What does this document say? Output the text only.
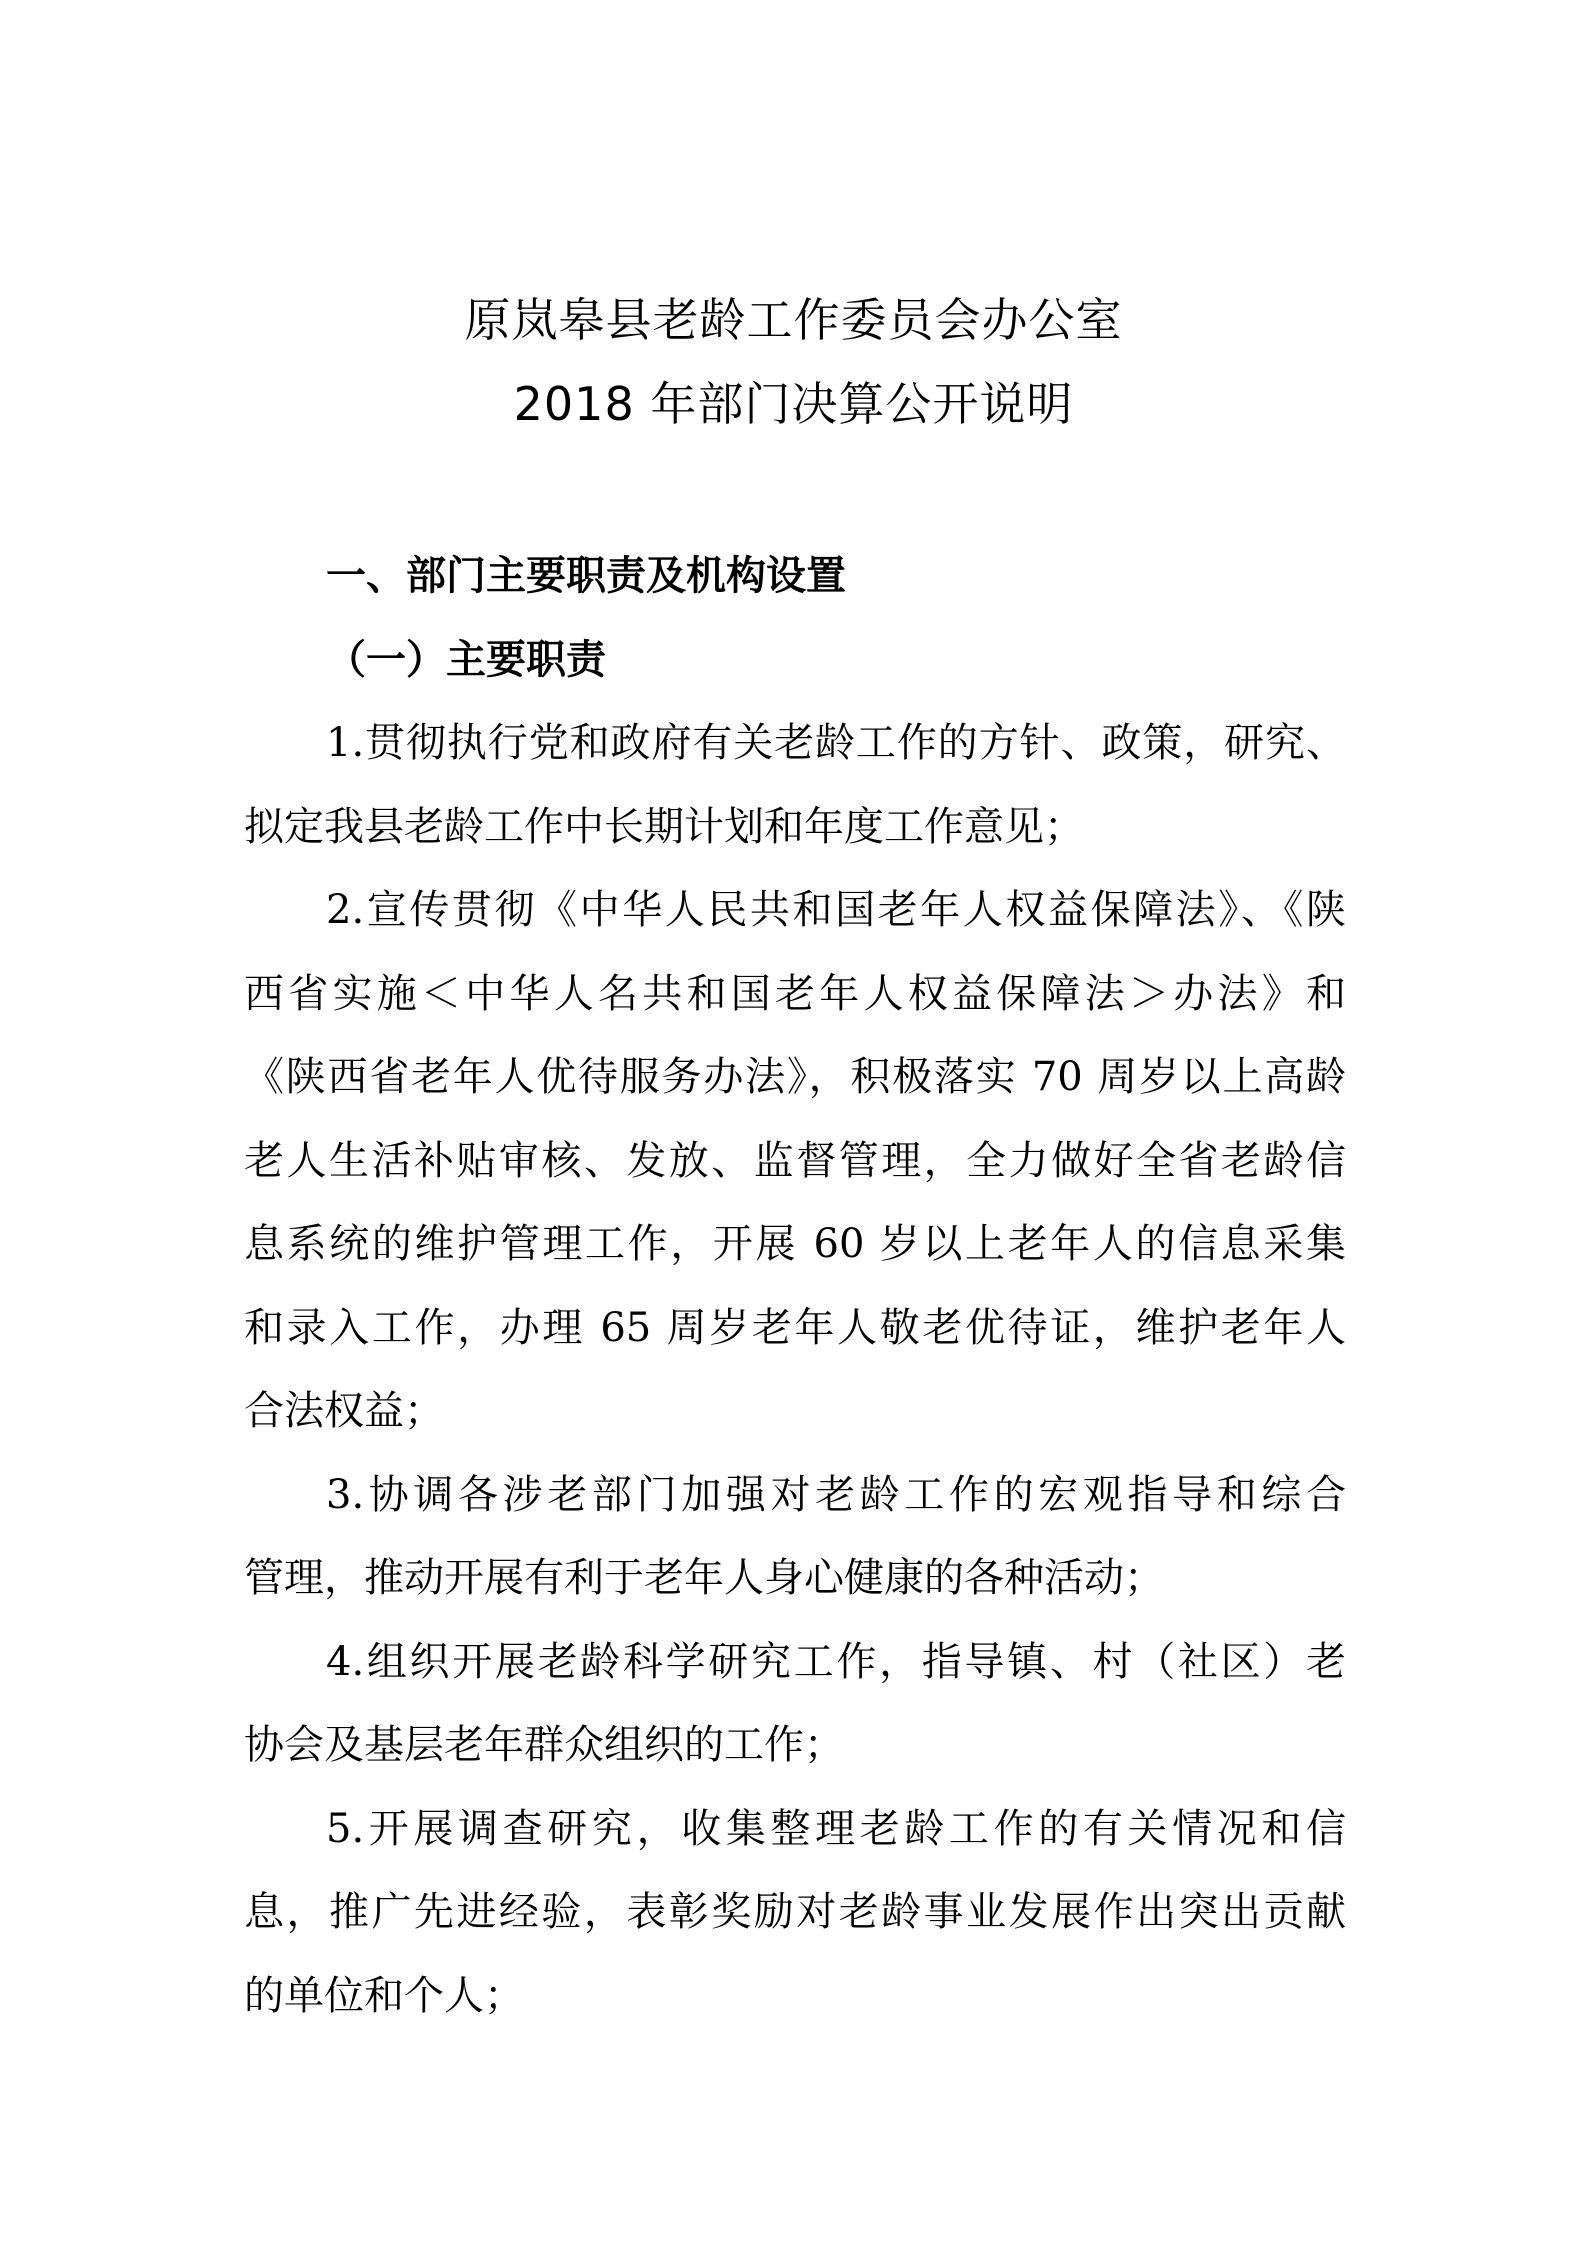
原岚皋县老龄工作委员会办公室
2018 年部门决算公开说明

一、部门主要职责及机构设置

（一）主要职责

1.贯彻执行党和政府有关老龄工作的方针、政策，研究、
拟定我县老龄工作中长期计划和年度工作意见；
2.宣传贯彻《中华人民共和国老年人权益保障法》、《陕
西省实施＜中华人名共和国老年人权益保障法＞办法》和
《陕西省老年人优待服务办法》，积极落实 70 周岁以上高龄
老人生活补贴审核、发放、监督管理，全力做好全省老龄信
息系统的维护管理工作，开展 60 岁以上老年人的信息采集
和录入工作，办理 65 周岁老年人敬老优待证，维护老年人
合法权益；
3.协调各涉老部门加强对老龄工作的宏观指导和综合
管理，推动开展有利于老年人身心健康的各种活动；
4.组织开展老龄科学研究工作，指导镇、村（社区）老
协会及基层老年群众组织的工作；
5.开展调查研究，收集整理老龄工作的有关情况和信
息，推广先进经验，表彰奖励对老龄事业发展作出突出贡献
的单位和个人；
